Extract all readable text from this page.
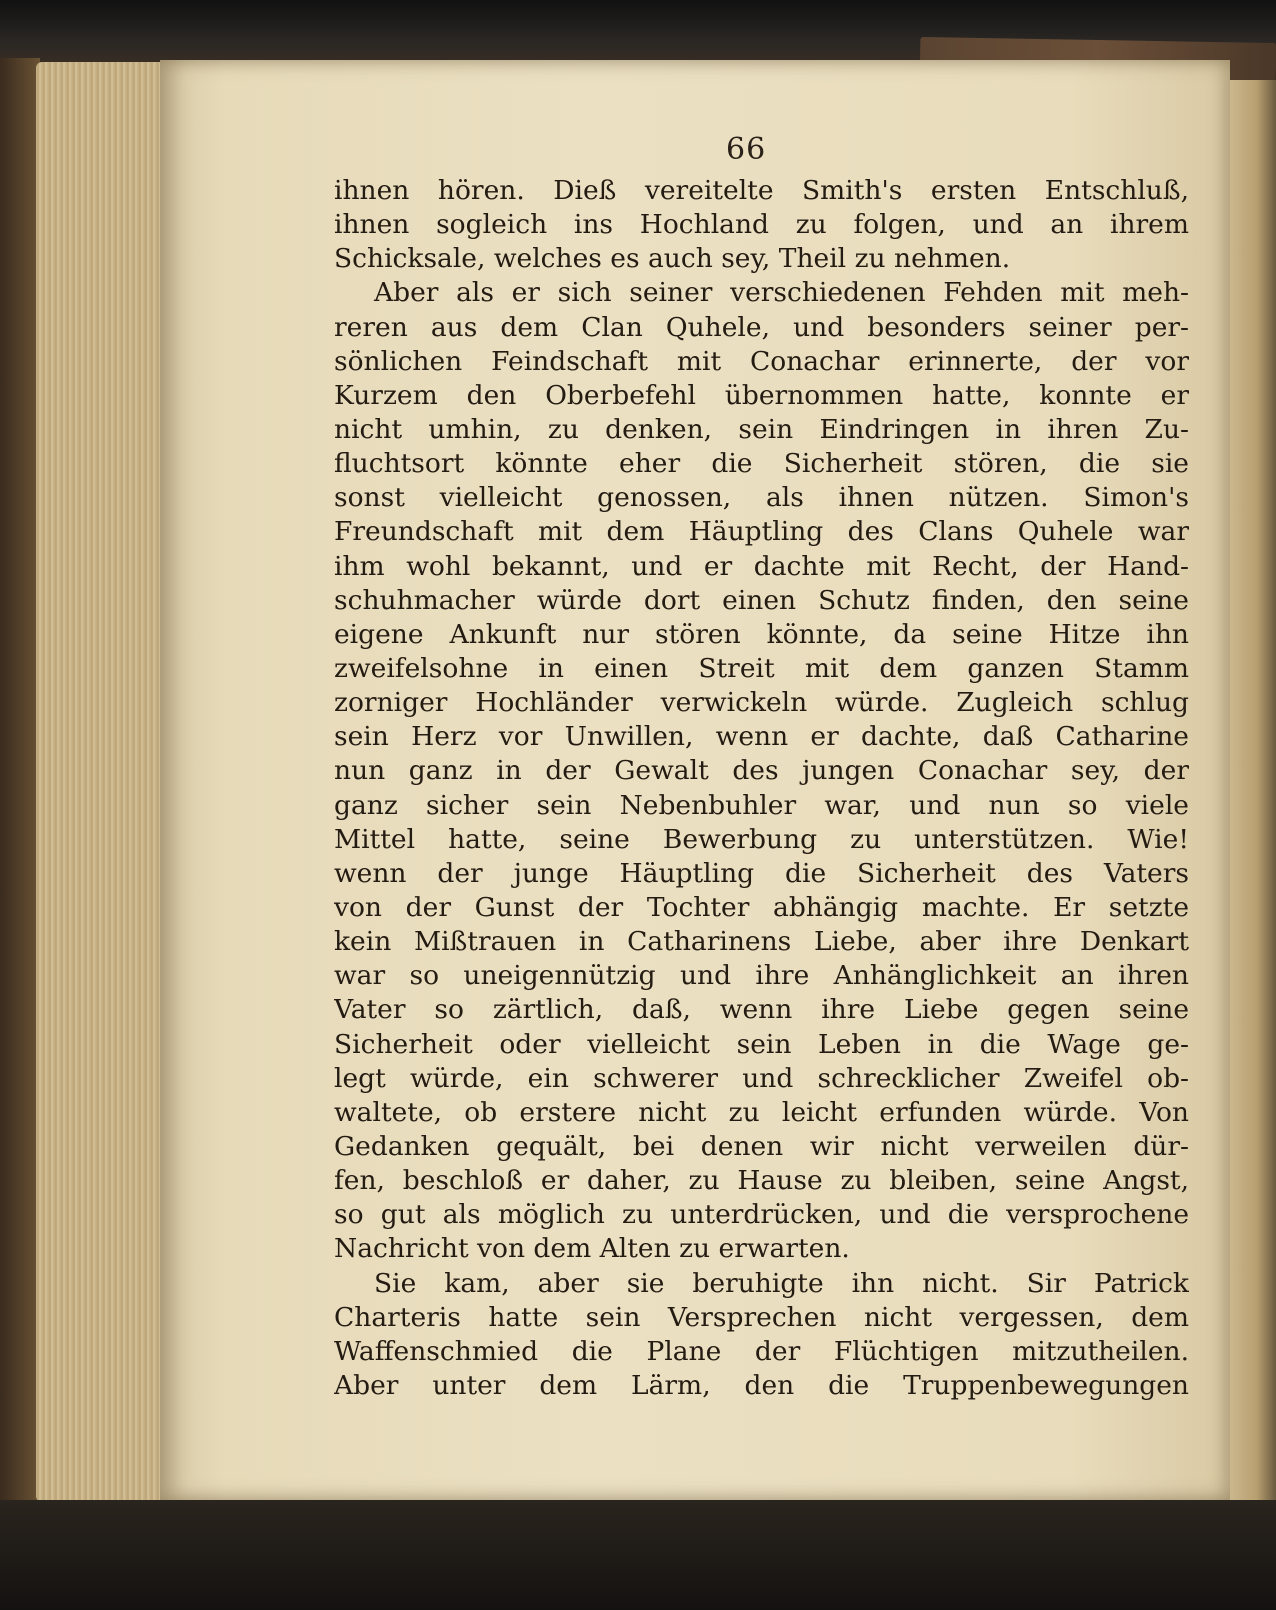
66
ihnen hören. Dieß vereitelte Smith's ersten Entschluß,
ihnen sogleich ins Hochland zu folgen, und an ihrem
Schicksale, welches es auch sey, Theil zu nehmen.
Aber als er sich seiner verschiedenen Fehden mit meh-
reren aus dem Clan Quhele, und besonders seiner per-
sönlichen Feindschaft mit Conachar erinnerte, der vor
Kurzem den Oberbefehl übernommen hatte, konnte er
nicht umhin, zu denken, sein Eindringen in ihren Zu-
fluchtsort könnte eher die Sicherheit stören, die sie
sonst vielleicht genossen, als ihnen nützen. Simon's
Freundschaft mit dem Häuptling des Clans Quhele war
ihm wohl bekannt, und er dachte mit Recht, der Hand-
schuhmacher würde dort einen Schutz finden, den seine
eigene Ankunft nur stören könnte, da seine Hitze ihn
zweifelsohne in einen Streit mit dem ganzen Stamm
zorniger Hochländer verwickeln würde. Zugleich schlug
sein Herz vor Unwillen, wenn er dachte, daß Catharine
nun ganz in der Gewalt des jungen Conachar sey, der
ganz sicher sein Nebenbuhler war, und nun so viele
Mittel hatte, seine Bewerbung zu unterstützen. Wie!
wenn der junge Häuptling die Sicherheit des Vaters
von der Gunst der Tochter abhängig machte. Er setzte
kein Mißtrauen in Catharinens Liebe, aber ihre Denkart
war so uneigennützig und ihre Anhänglichkeit an ihren
Vater so zärtlich, daß, wenn ihre Liebe gegen seine
Sicherheit oder vielleicht sein Leben in die Wage ge-
legt würde, ein schwerer und schrecklicher Zweifel ob-
waltete, ob erstere nicht zu leicht erfunden würde. Von
Gedanken gequält, bei denen wir nicht verweilen dür-
fen, beschloß er daher, zu Hause zu bleiben, seine Angst,
so gut als möglich zu unterdrücken, und die versprochene
Nachricht von dem Alten zu erwarten.
Sie kam, aber sie beruhigte ihn nicht. Sir Patrick
Charteris hatte sein Versprechen nicht vergessen, dem
Waffenschmied die Plane der Flüchtigen mitzutheilen.
Aber unter dem Lärm, den die Truppenbewegungen
